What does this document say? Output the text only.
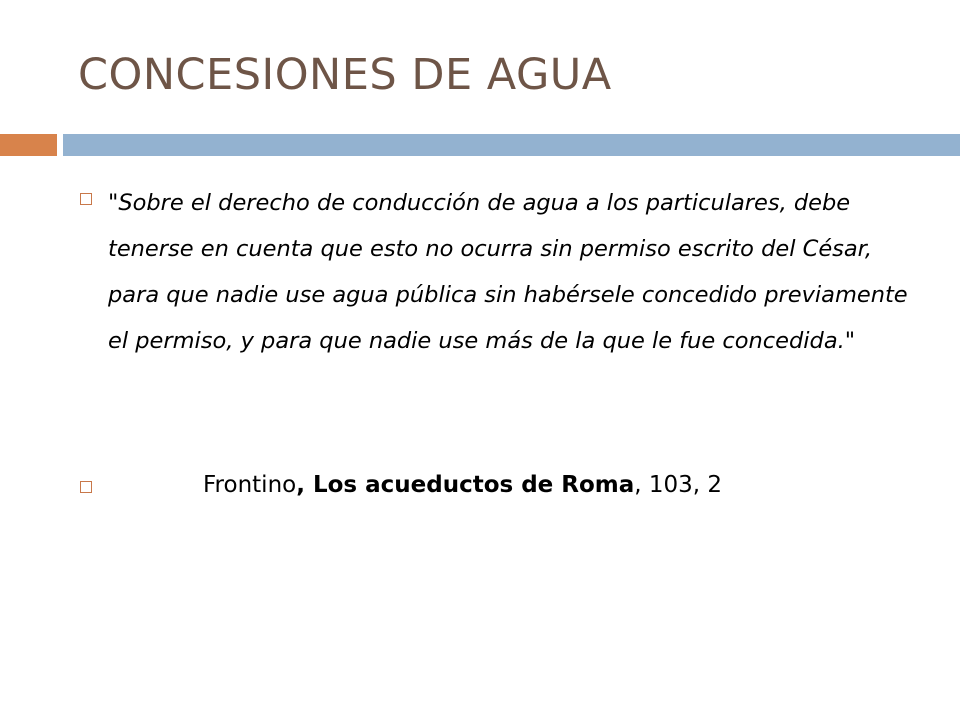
CONCESIONES DE AGUA

"Sobre el derecho de conducción de agua a los particulares, debe tenerse en cuenta que esto no ocurra sin permiso escrito del César, para que nadie use agua pública sin habérsele concedido previamente el permiso, y para que nadie use más de la que le fue concedida."

Frontino, Los acueductos de Roma, 103, 2
